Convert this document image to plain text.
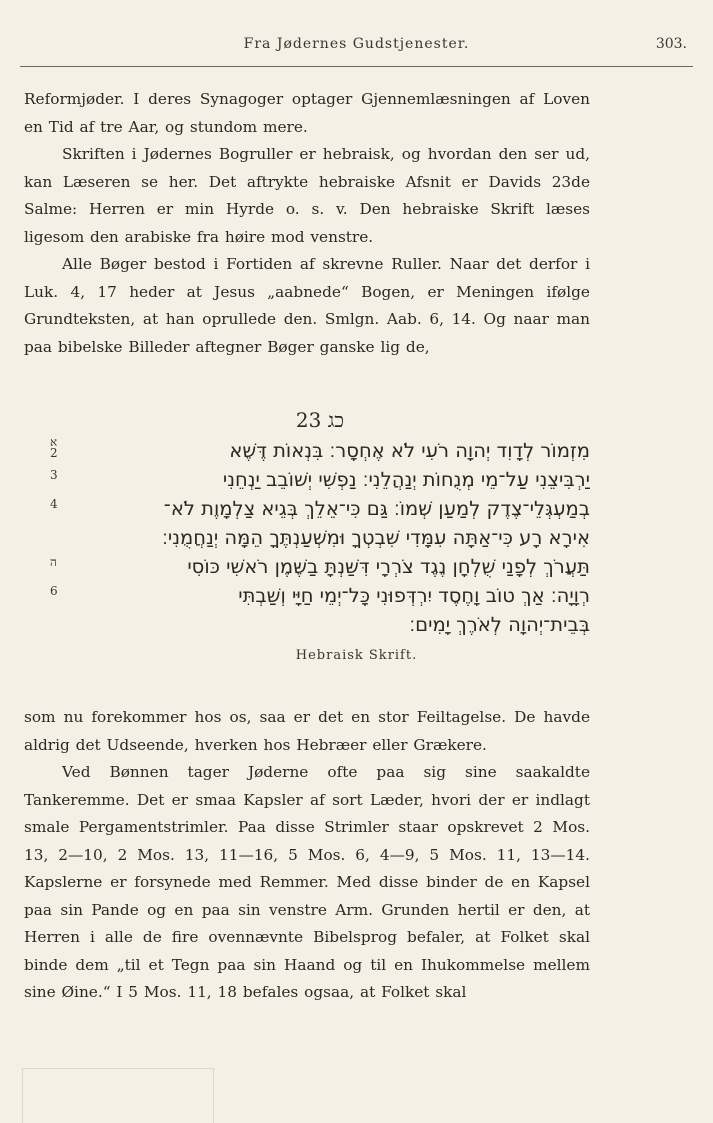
Fra Jødernes Gudstjenester.	303.

Reformjøder. I deres Synagoger optager Gjennemlæsningen af Loven en Tid af tre Aar, og stundom mere.

Skriften i Jødernes Bogruller er hebraisk, og hvordan den ser ud, kan Læseren se her. Det aftrykte hebraiske Afsnit er Davids 23de Salme: Herren er min Hyrde o. s. v. Den hebraiske Skrift læses ligesom den arabiske fra høire mod venstre.

Alle Bøger bestod i Fortiden af skrevne Ruller. Naar det derfor i Luk. 4, 17 heder at Jesus „aabnede“ Bogen, er Meningen ifølge Grundteksten, at han oprullede den. Smlgn. Aab. 6, 14. Og naar man paa bibelske Billeder aftegner Bøger ganske lig de,

23 כג
א
2	מִזְמוֹר לְדָוִד יְהוָה רֹעִי לֹא אֶחְסָר׃ בִּנְאוֹת דֶּשֶׁא
3	יַרְבִּיצֵנִי עַל־מֵי מְנֻחוֹת יְנַהֲלֵנִי׃ נַפְשִׁי יְשׁוֹבֵב יַנְחֵנִי
4	בְמַעְגְּלֵי־צֶדֶק לְמַעַן שְׁמוֹ׃ גַּם כִּי־אֵלֵךְ בְּגֵיא צַלְמָוֶת לֹא־
אִירָא רָע כִּי־אַתָּה עִמָּדִי שִׁבְטְךָ וּמִשְׁעַנְתֶּךָ הֵמָּה יְנַחֲמֻנִי׃
ה	תַּעֲרֹךְ לְפָנַי שֻׁלְחָן נֶגֶד צֹרְרָי דִּשַּׁנְתָּ בַשֶּׁמֶן רֹאשִׁי כּוֹסִי
6	רְוָיָה׃ אַךְ טוֹב וָחֶסֶד יִרְדְּפוּנִי כָּל־יְמֵי חַיָּי וְשַׁבְתִּי
בְּבֵית־יְהוָה לְאֹרֶךְ יָמִים׃
Hebraisk Skrift.

som nu forekommer hos os, saa er det en stor Feiltagelse. De havde aldrig det Udseende, hverken hos Hebræer eller Grækere.

Ved Bønnen tager Jøderne ofte paa sig sine saakaldte Tankeremme. Det er smaa Kapsler af sort Læder, hvori der er indlagt smale Pergamentstrimler. Paa disse Strimler staar opskrevet 2 Mos. 13, 2—10, 2 Mos. 13, 11—16, 5 Mos. 6, 4—9, 5 Mos. 11, 13—14. Kapslerne er forsynede med Remmer. Med disse binder de en Kapsel paa sin Pande og en paa sin venstre Arm. Grunden hertil er den, at Herren i alle de fire ovennævnte Bibelsprog befaler, at Folket skal binde dem „til et Tegn paa sin Haand og til en Ihukommelse mellem sine Øine.“ I 5 Mos. 11, 18 befales ogsaa, at Folket skal
